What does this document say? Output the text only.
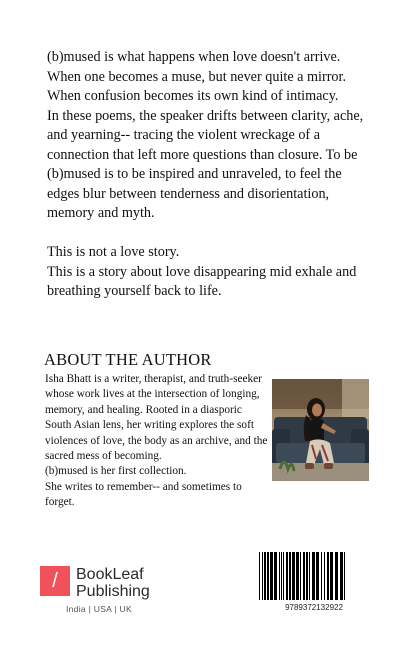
(b)mused is what happens when love doesn't arrive.

When one becomes a muse, but never quite a mirror.

When confusion becomes its own kind of intimacy.

In these poems, the speaker drifts between clarity, ache, and yearning-- tracing the violent wreckage of a connection that left more questions than closure. To be (b)mused is to be inspired and unraveled, to feel the edges blur between tenderness and disorientation, memory and myth.

This is not a love story.

This is a story about love disappearing mid exhale and breathing yourself back to life.

ABOUT THE AUTHOR

Isha Bhatt is a writer, therapist, and truth-seeker whose work lives at the intersection of longing, memory, and healing. Rooted in a diasporic South Asian lens, her writing explores the soft violences of love, the body as an archive, and the sacred mess of becoming.

(b)mused is her first collection.

She writes to remember-- and sometimes to forget.

/	BookLeaf
Publishing
India | USA | UK	9789372132922
